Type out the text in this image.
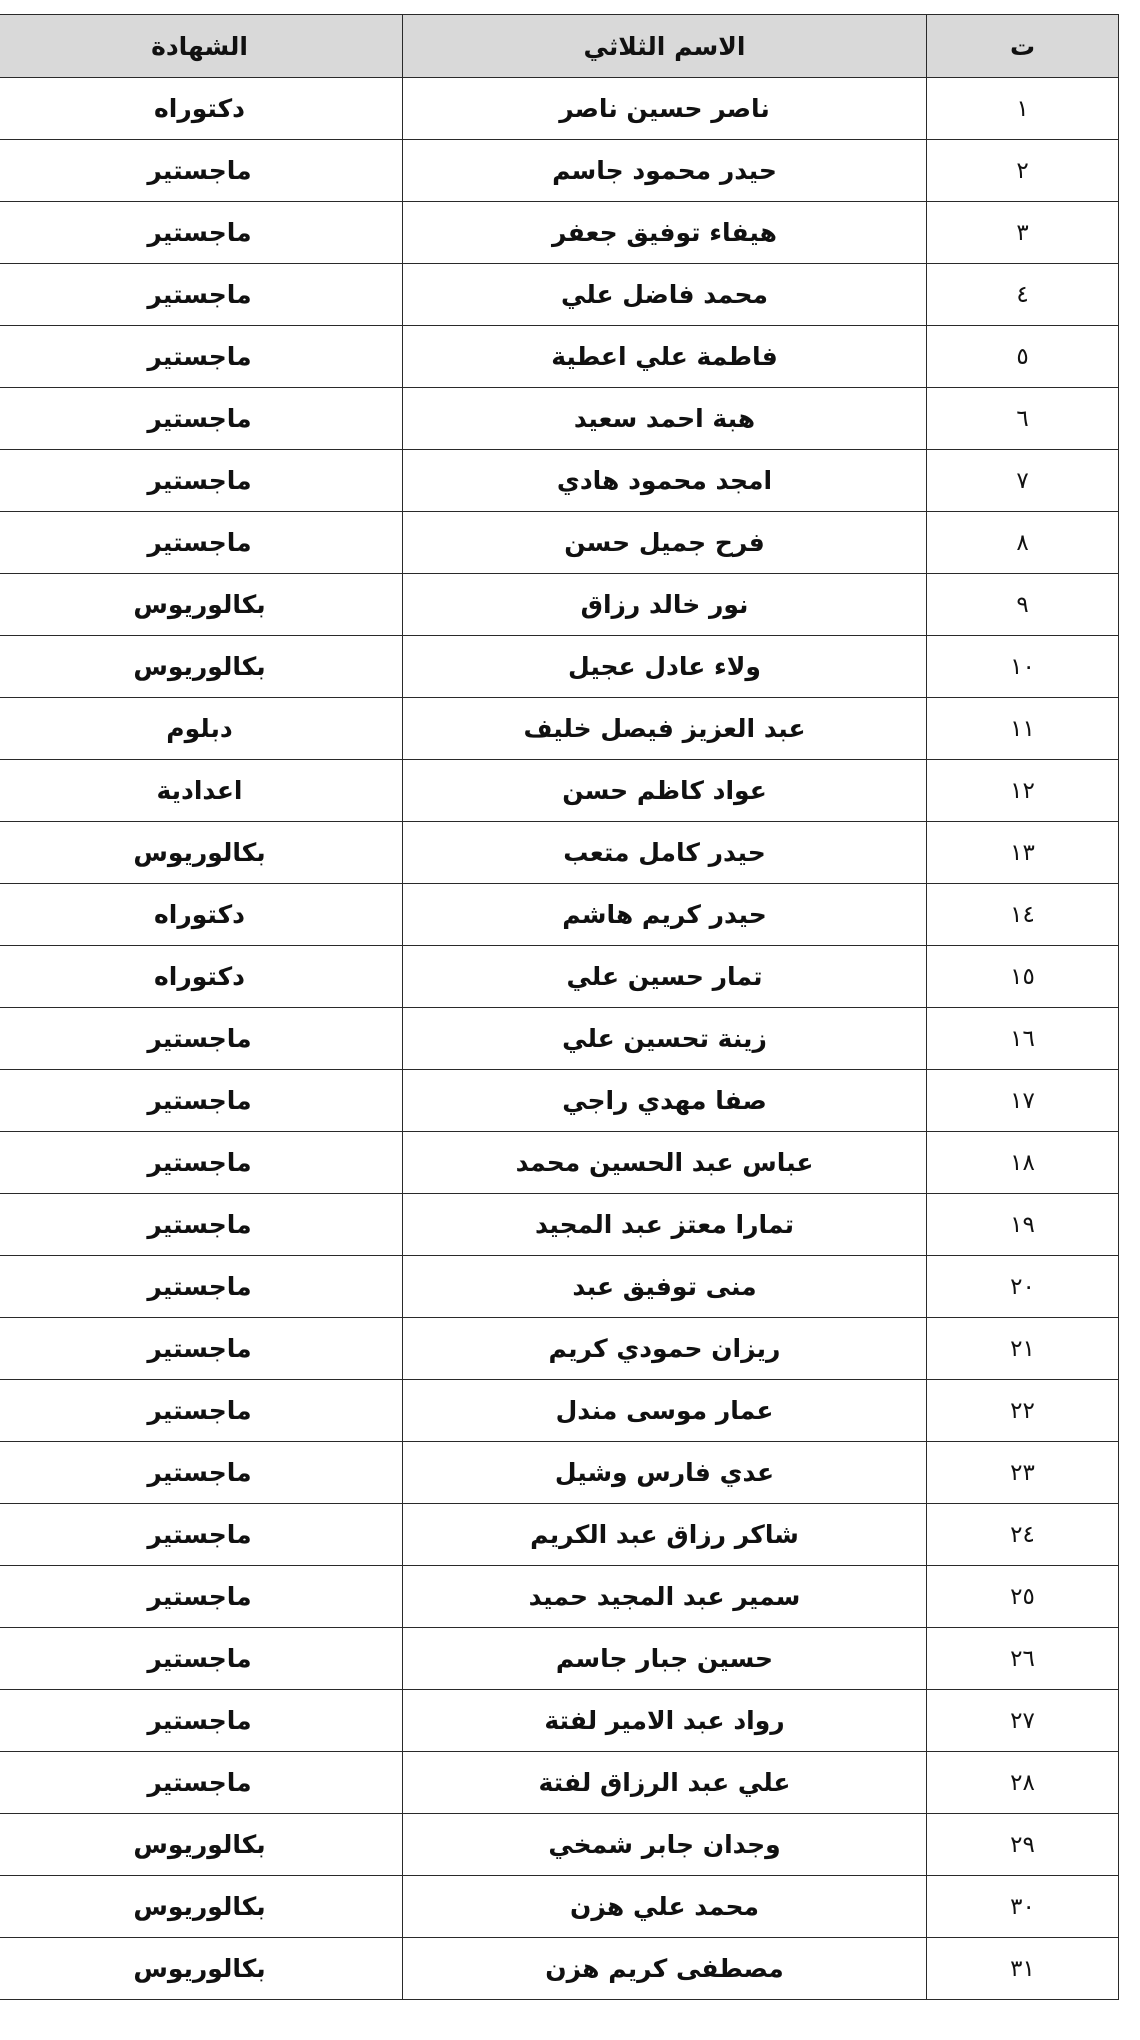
ت	الاسم الثلاثي	الشهادة
١	ناصر حسين ناصر	دكتوراه
٢	حيدر محمود جاسم	ماجستير
٣	هيفاء توفيق جعفر	ماجستير
٤	محمد فاضل علي	ماجستير
٥	فاطمة علي اعطية	ماجستير
٦	هبة احمد سعيد	ماجستير
٧	امجد محمود هادي	ماجستير
٨	فرح جميل حسن	ماجستير
٩	نور خالد رزاق	بكالوريوس
١٠	ولاء عادل عجيل	بكالوريوس
١١	عبد العزيز فيصل خليف	دبلوم
١٢	عواد كاظم حسن	اعدادية
١٣	حيدر كامل متعب	بكالوريوس
١٤	حيدر كريم هاشم	دكتوراه
١٥	تمار حسين علي	دكتوراه
١٦	زينة تحسين علي	ماجستير
١٧	صفا مهدي راجي	ماجستير
١٨	عباس عبد الحسين محمد	ماجستير
١٩	تمارا معتز عبد المجيد	ماجستير
٢٠	منى توفيق عبد	ماجستير
٢١	ريزان حمودي كريم	ماجستير
٢٢	عمار موسى مندل	ماجستير
٢٣	عدي فارس وشيل	ماجستير
٢٤	شاكر رزاق عبد الكريم	ماجستير
٢٥	سمير عبد المجيد حميد	ماجستير
٢٦	حسين جبار جاسم	ماجستير
٢٧	رواد عبد الامير لفتة	ماجستير
٢٨	علي عبد الرزاق لفتة	ماجستير
٢٩	وجدان جابر شمخي	بكالوريوس
٣٠	محمد علي هزن	بكالوريوس
٣١	مصطفى كريم هزن	بكالوريوس
